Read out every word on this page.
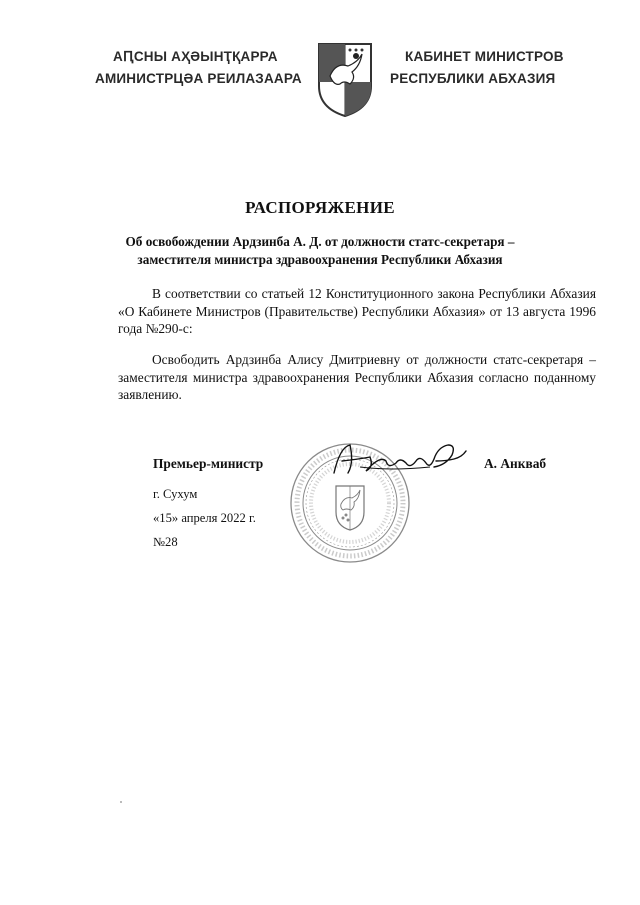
АԤСНЫ АҲӘЫНҬҚАРРА
АМИНИСТРЦӘА РЕИЛАЗААРА
КАБИНЕТ МИНИСТРОВ
РЕСПУБЛИКИ АБХАЗИЯ
РАСПОРЯЖЕНИЕ
Об освобождении Ардзинба А. Д. от должности статс-секретаря –
заместителя министра здравоохранения Республики Абхазия
В соответствии со статьей 12 Конституционного закона Республики Абхазия «О Кабинете Министров (Правительстве) Республики Абхазия» от 13 августа 1996 года №290-с:
Освободить Ардзинба Алису Дмитриевну от должности статс-секретаря – заместителя министра здравоохранения Республики Абхазия согласно поданному заявлению.
Премьер-министр	А. Анкваб
г. Сухум
«15» апреля 2022 г.
№28
